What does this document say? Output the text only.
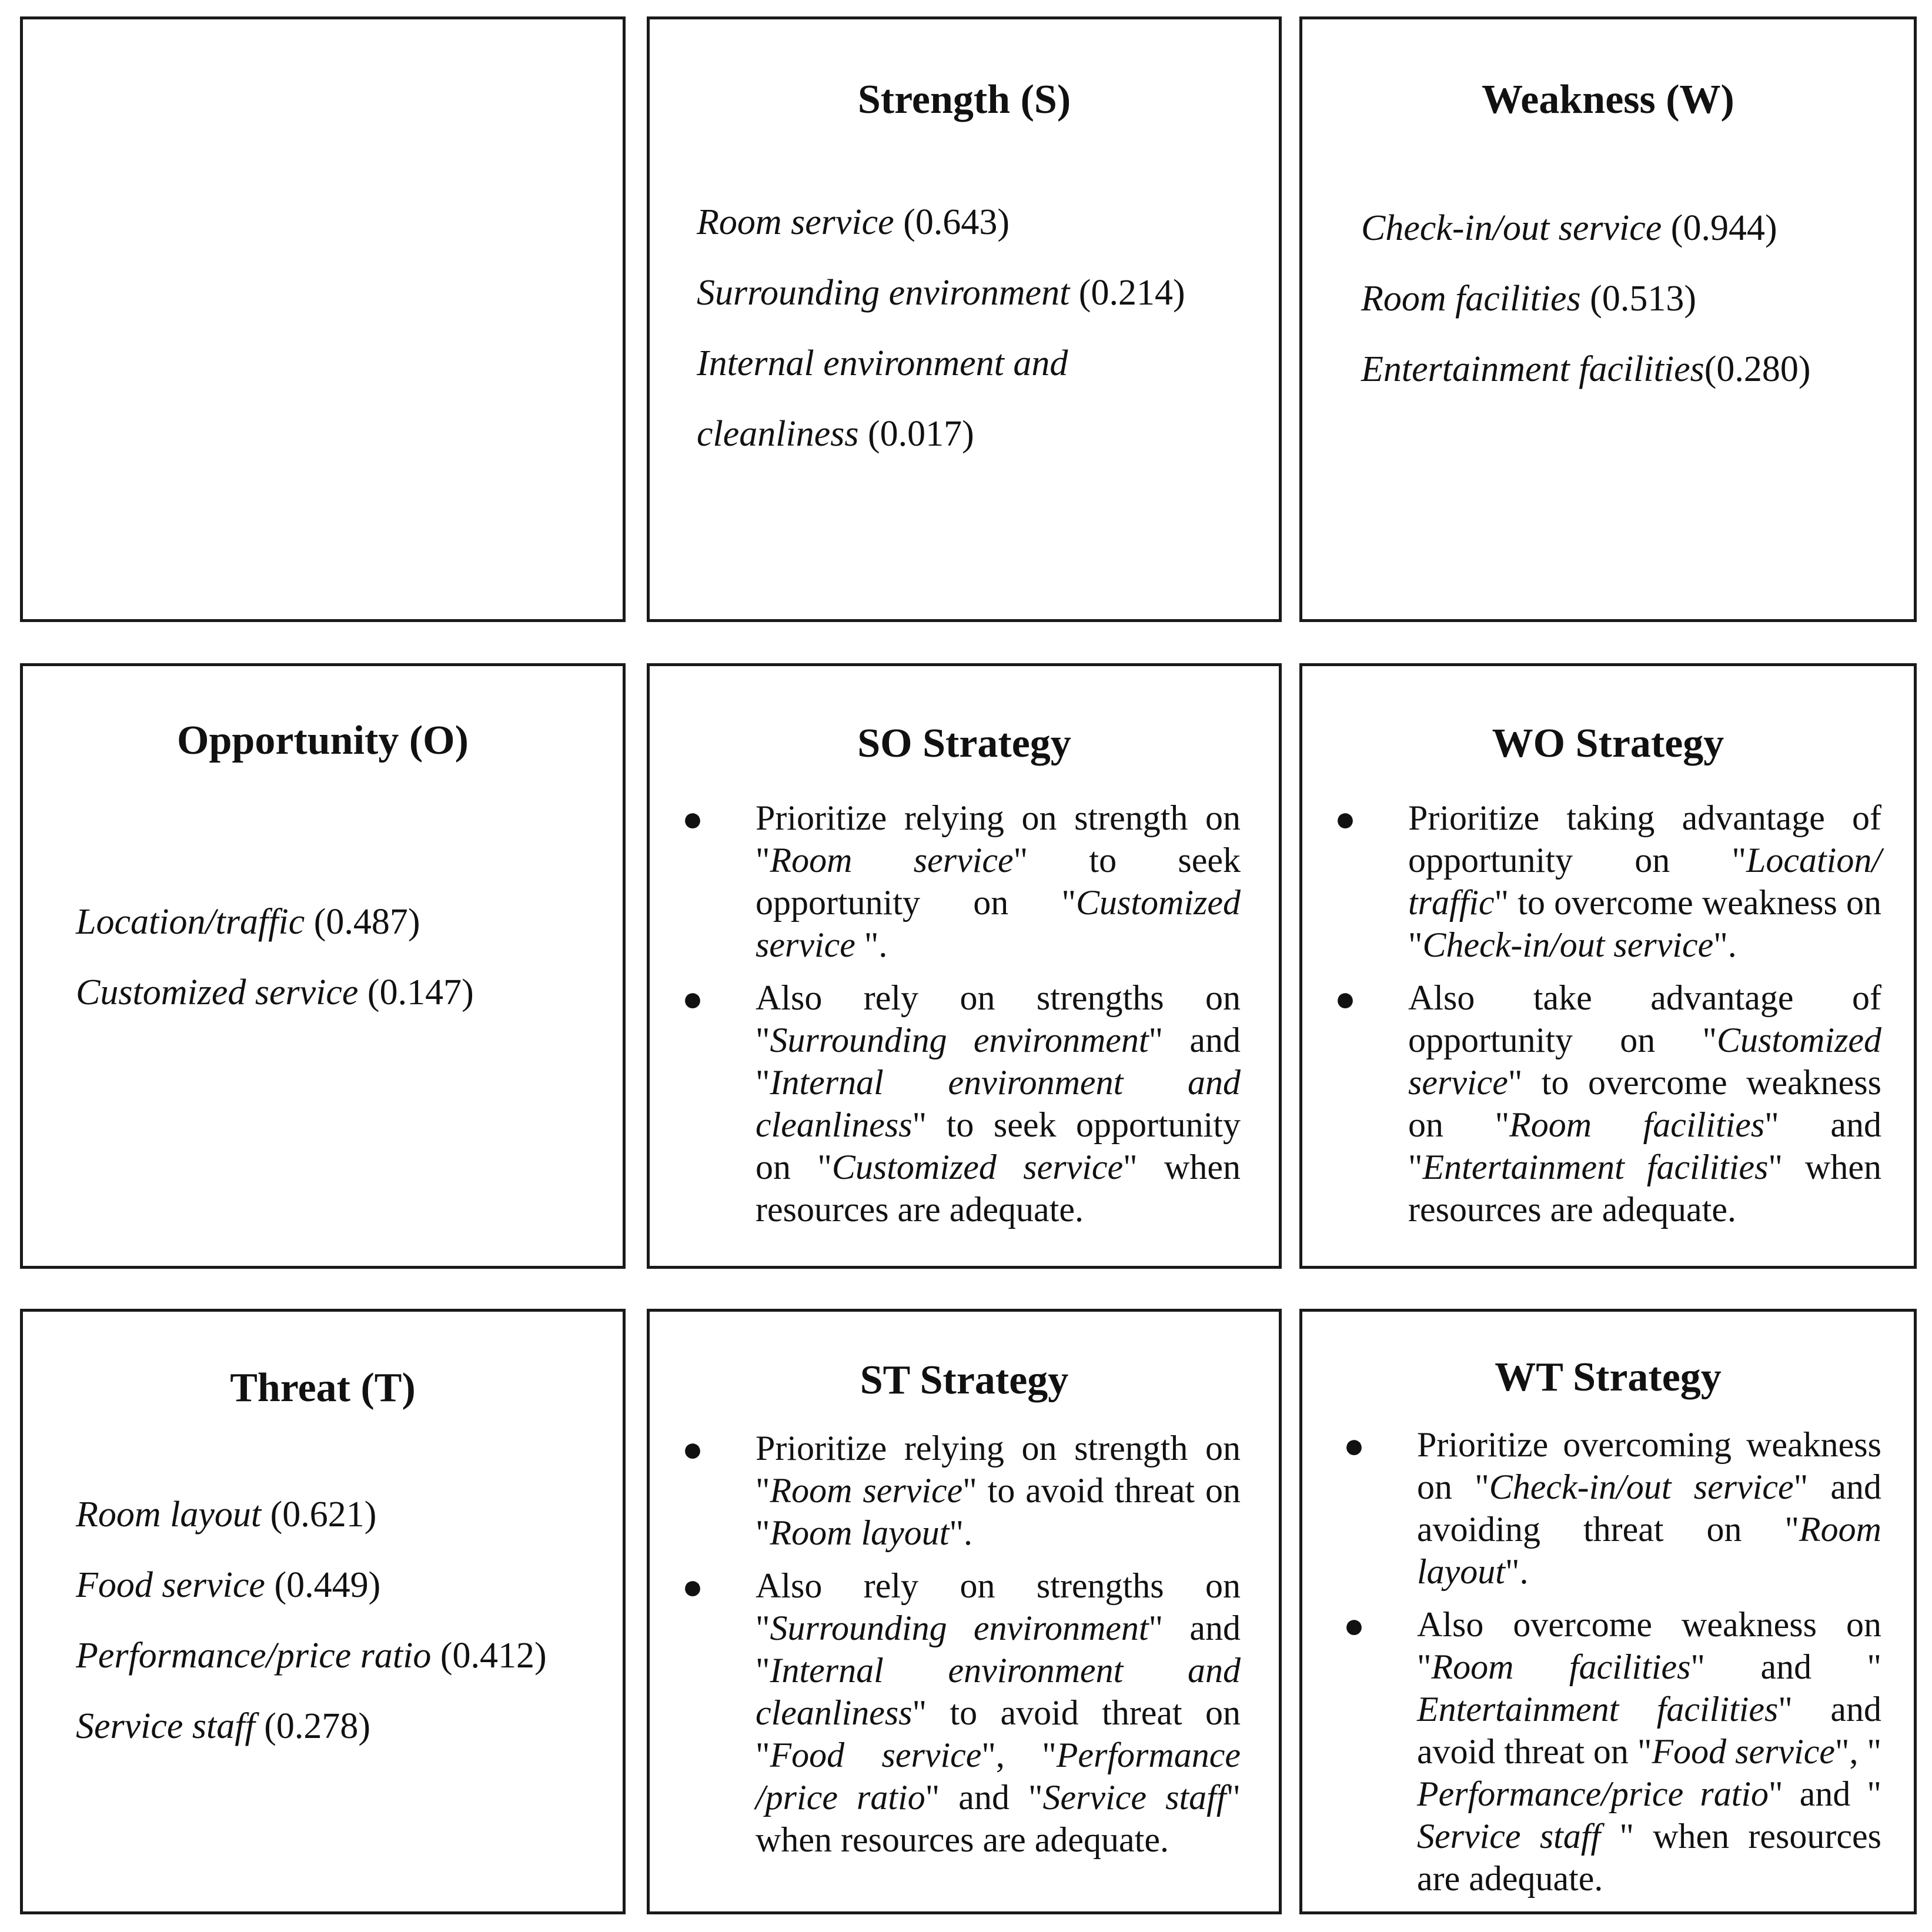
Strength (S)
Room service (0.643)
Surrounding environment (0.214)
Internal environment and cleanliness (0.017)
Weakness (W)
Check-in/out service (0.944)
Room facilities (0.513)
Entertainment facilities(0.280)
Opportunity (O)
Location/traffic (0.487)
Customized service (0.147)
SO Strategy
● Prioritize relying on strength on "Room service" to seek opportunity on "Customized service ".
● Also rely on strengths on "Surrounding environment" and "Internal environment and cleanliness" to seek opportunity on "Customized service" when resources are adequate.
WO Strategy
● Prioritize taking advantage of opportunity on "Location/ traffic" to overcome weakness on "Check-in/out service".
● Also take advantage of opportunity on "Customized service" to overcome weakness on "Room facilities" and "Entertainment facilities" when resources are adequate.
Threat (T)
Room layout (0.621)
Food service (0.449)
Performance/price ratio (0.412)
Service staff (0.278)
ST Strategy
● Prioritize relying on strength on "Room service" to avoid threat on "Room layout".
● Also rely on strengths on "Surrounding environment" and "Internal environment and cleanliness" to avoid threat on "Food service", "Performance /price ratio" and "Service staff" when resources are adequate.
WT Strategy
● Prioritize overcoming weakness on "Check-in/out service" and avoiding threat on "Room layout".
● Also overcome weakness on "Room facilities" and " Entertainment facilities" and avoid threat on "Food service", " Performance/price ratio" and " Service staff " when resources are adequate.
